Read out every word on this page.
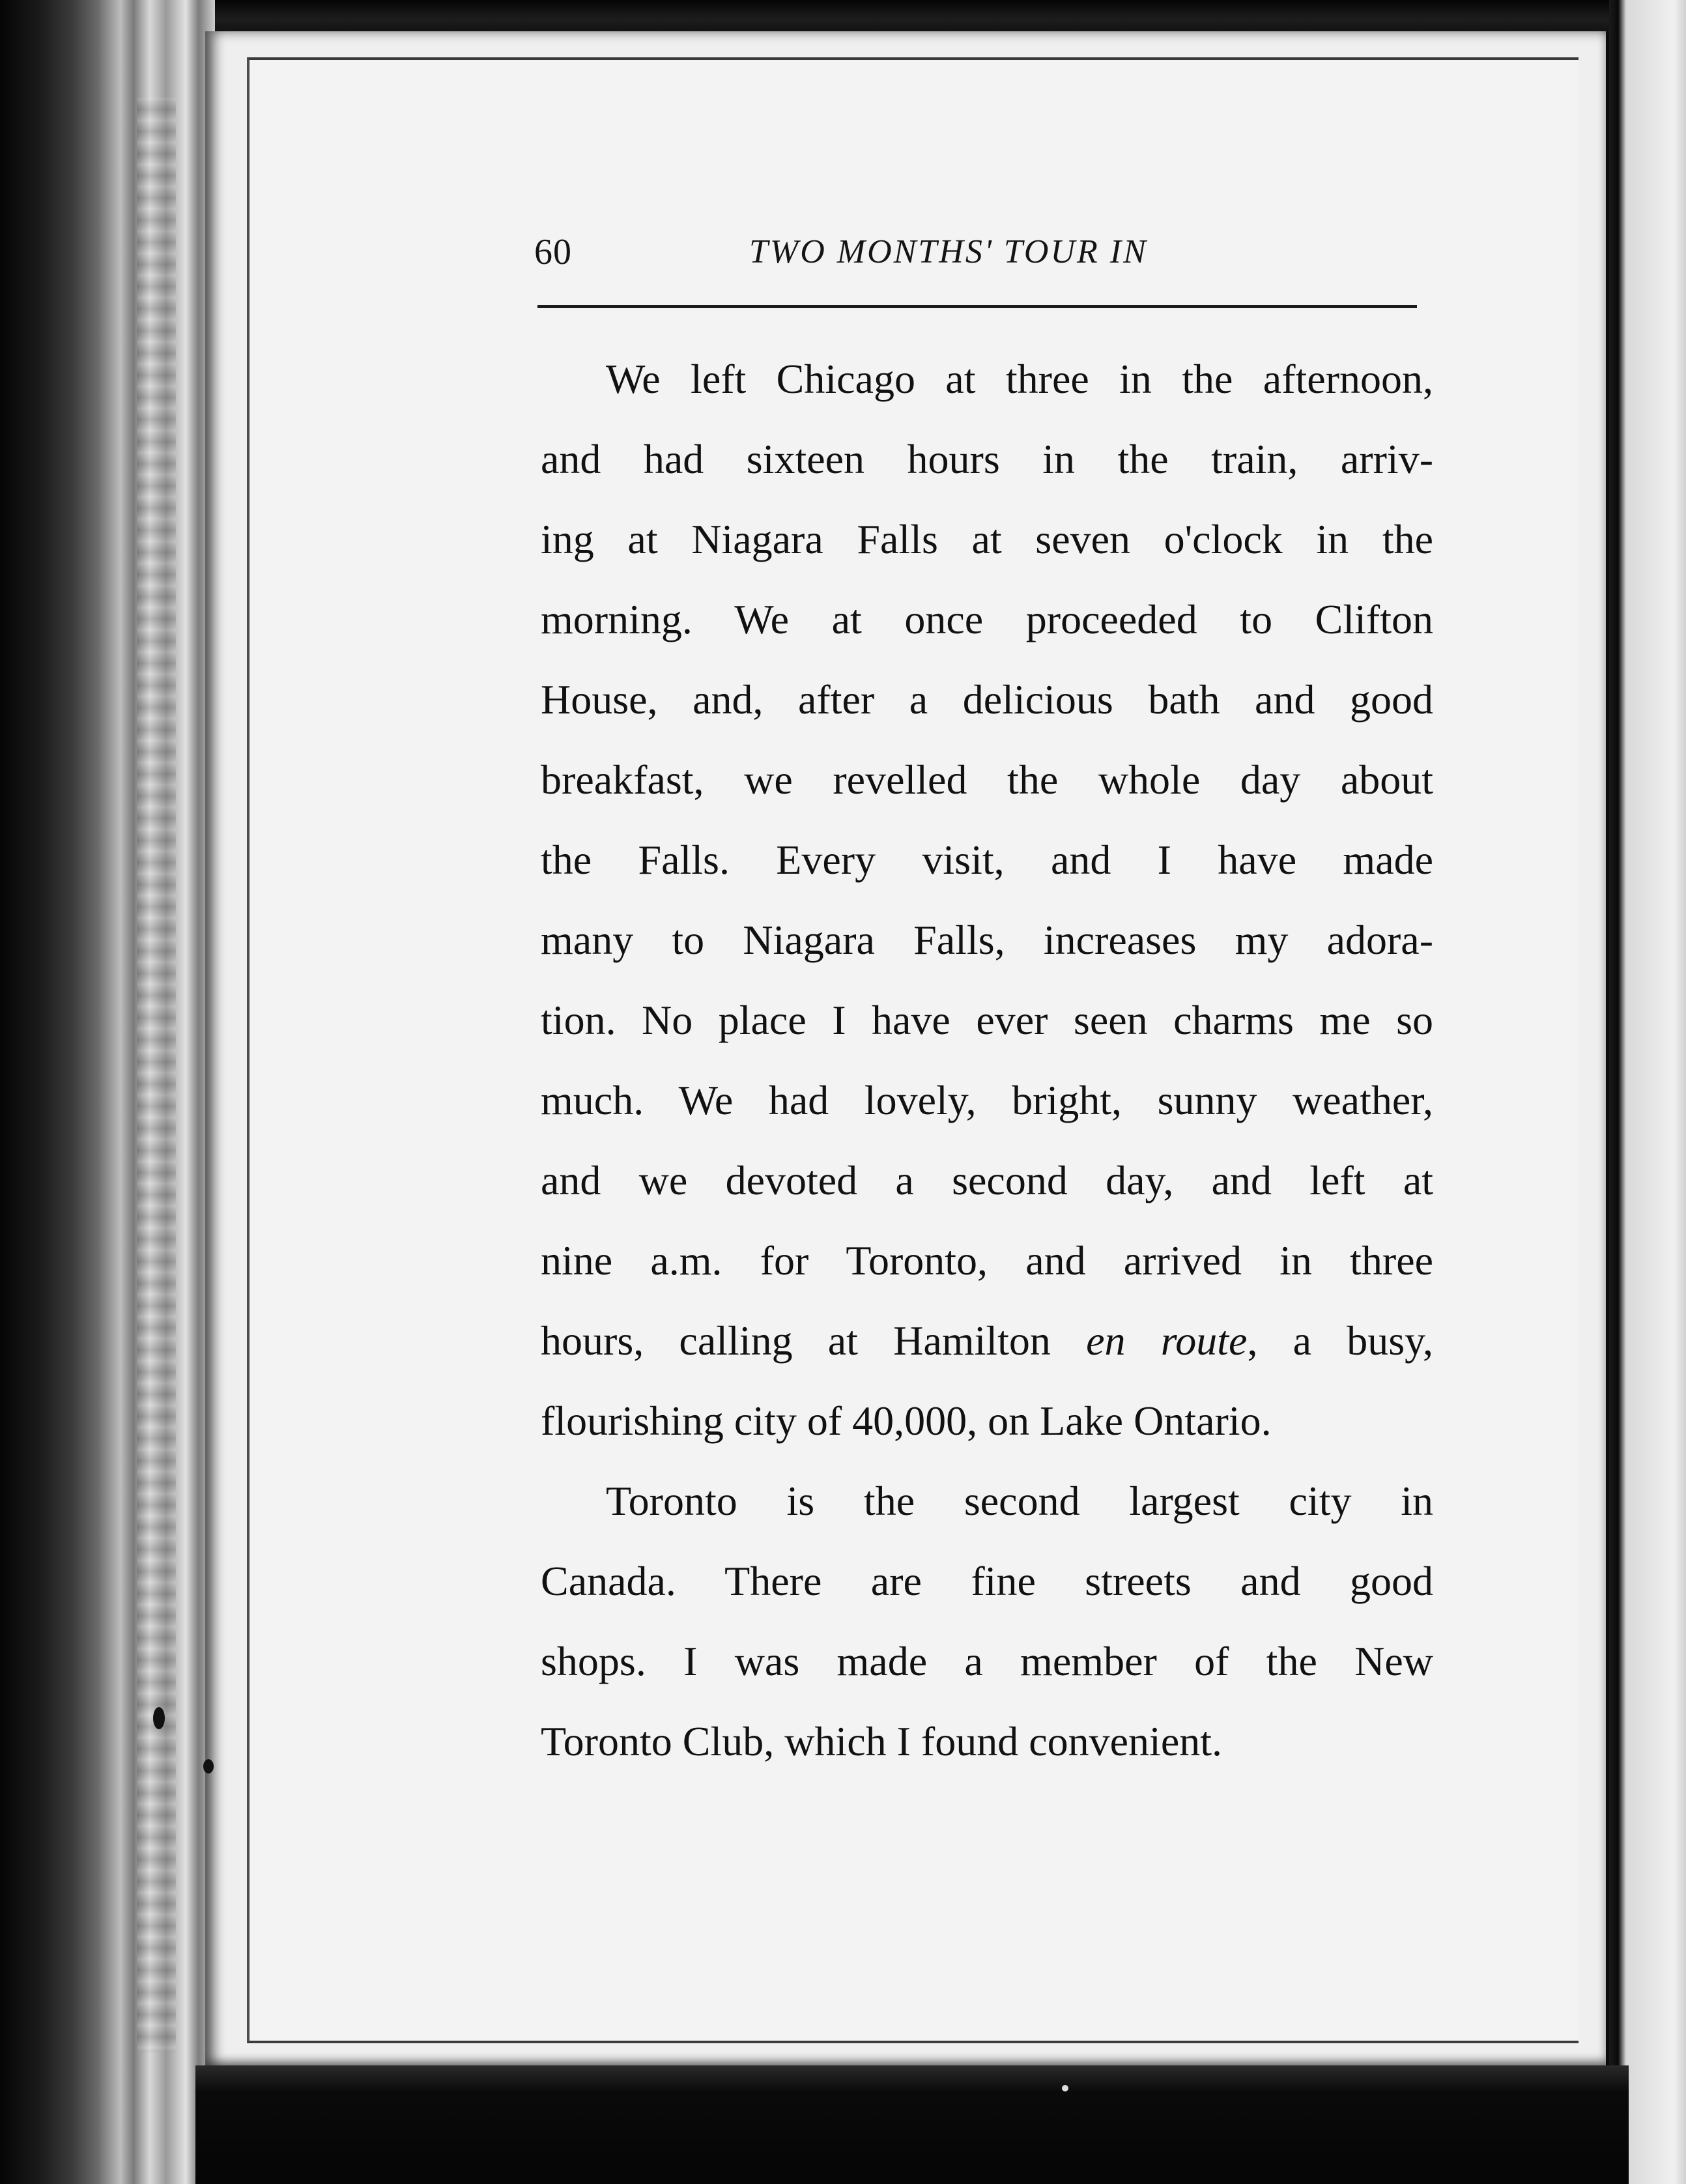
60	TWO MONTHS' TOUR IN
We left Chicago at three in the afternoon,
and had sixteen hours in the train, arriv-
ing at Niagara Falls at seven o'clock in the
morning. We at once proceeded to Clifton
House, and, after a delicious bath and good
breakfast, we revelled the whole day about
the Falls. Every visit, and I have made
many to Niagara Falls, increases my adora-
tion. No place I have ever seen charms me so
much. We had lovely, bright, sunny weather,
and we devoted a second day, and left at
nine a.m. for Toronto, and arrived in three
hours, calling at Hamilton en route, a busy,
flourishing city of 40,000, on Lake Ontario.
Toronto is the second largest city in
Canada. There are fine streets and good
shops. I was made a member of the New
Toronto Club, which I found convenient.
